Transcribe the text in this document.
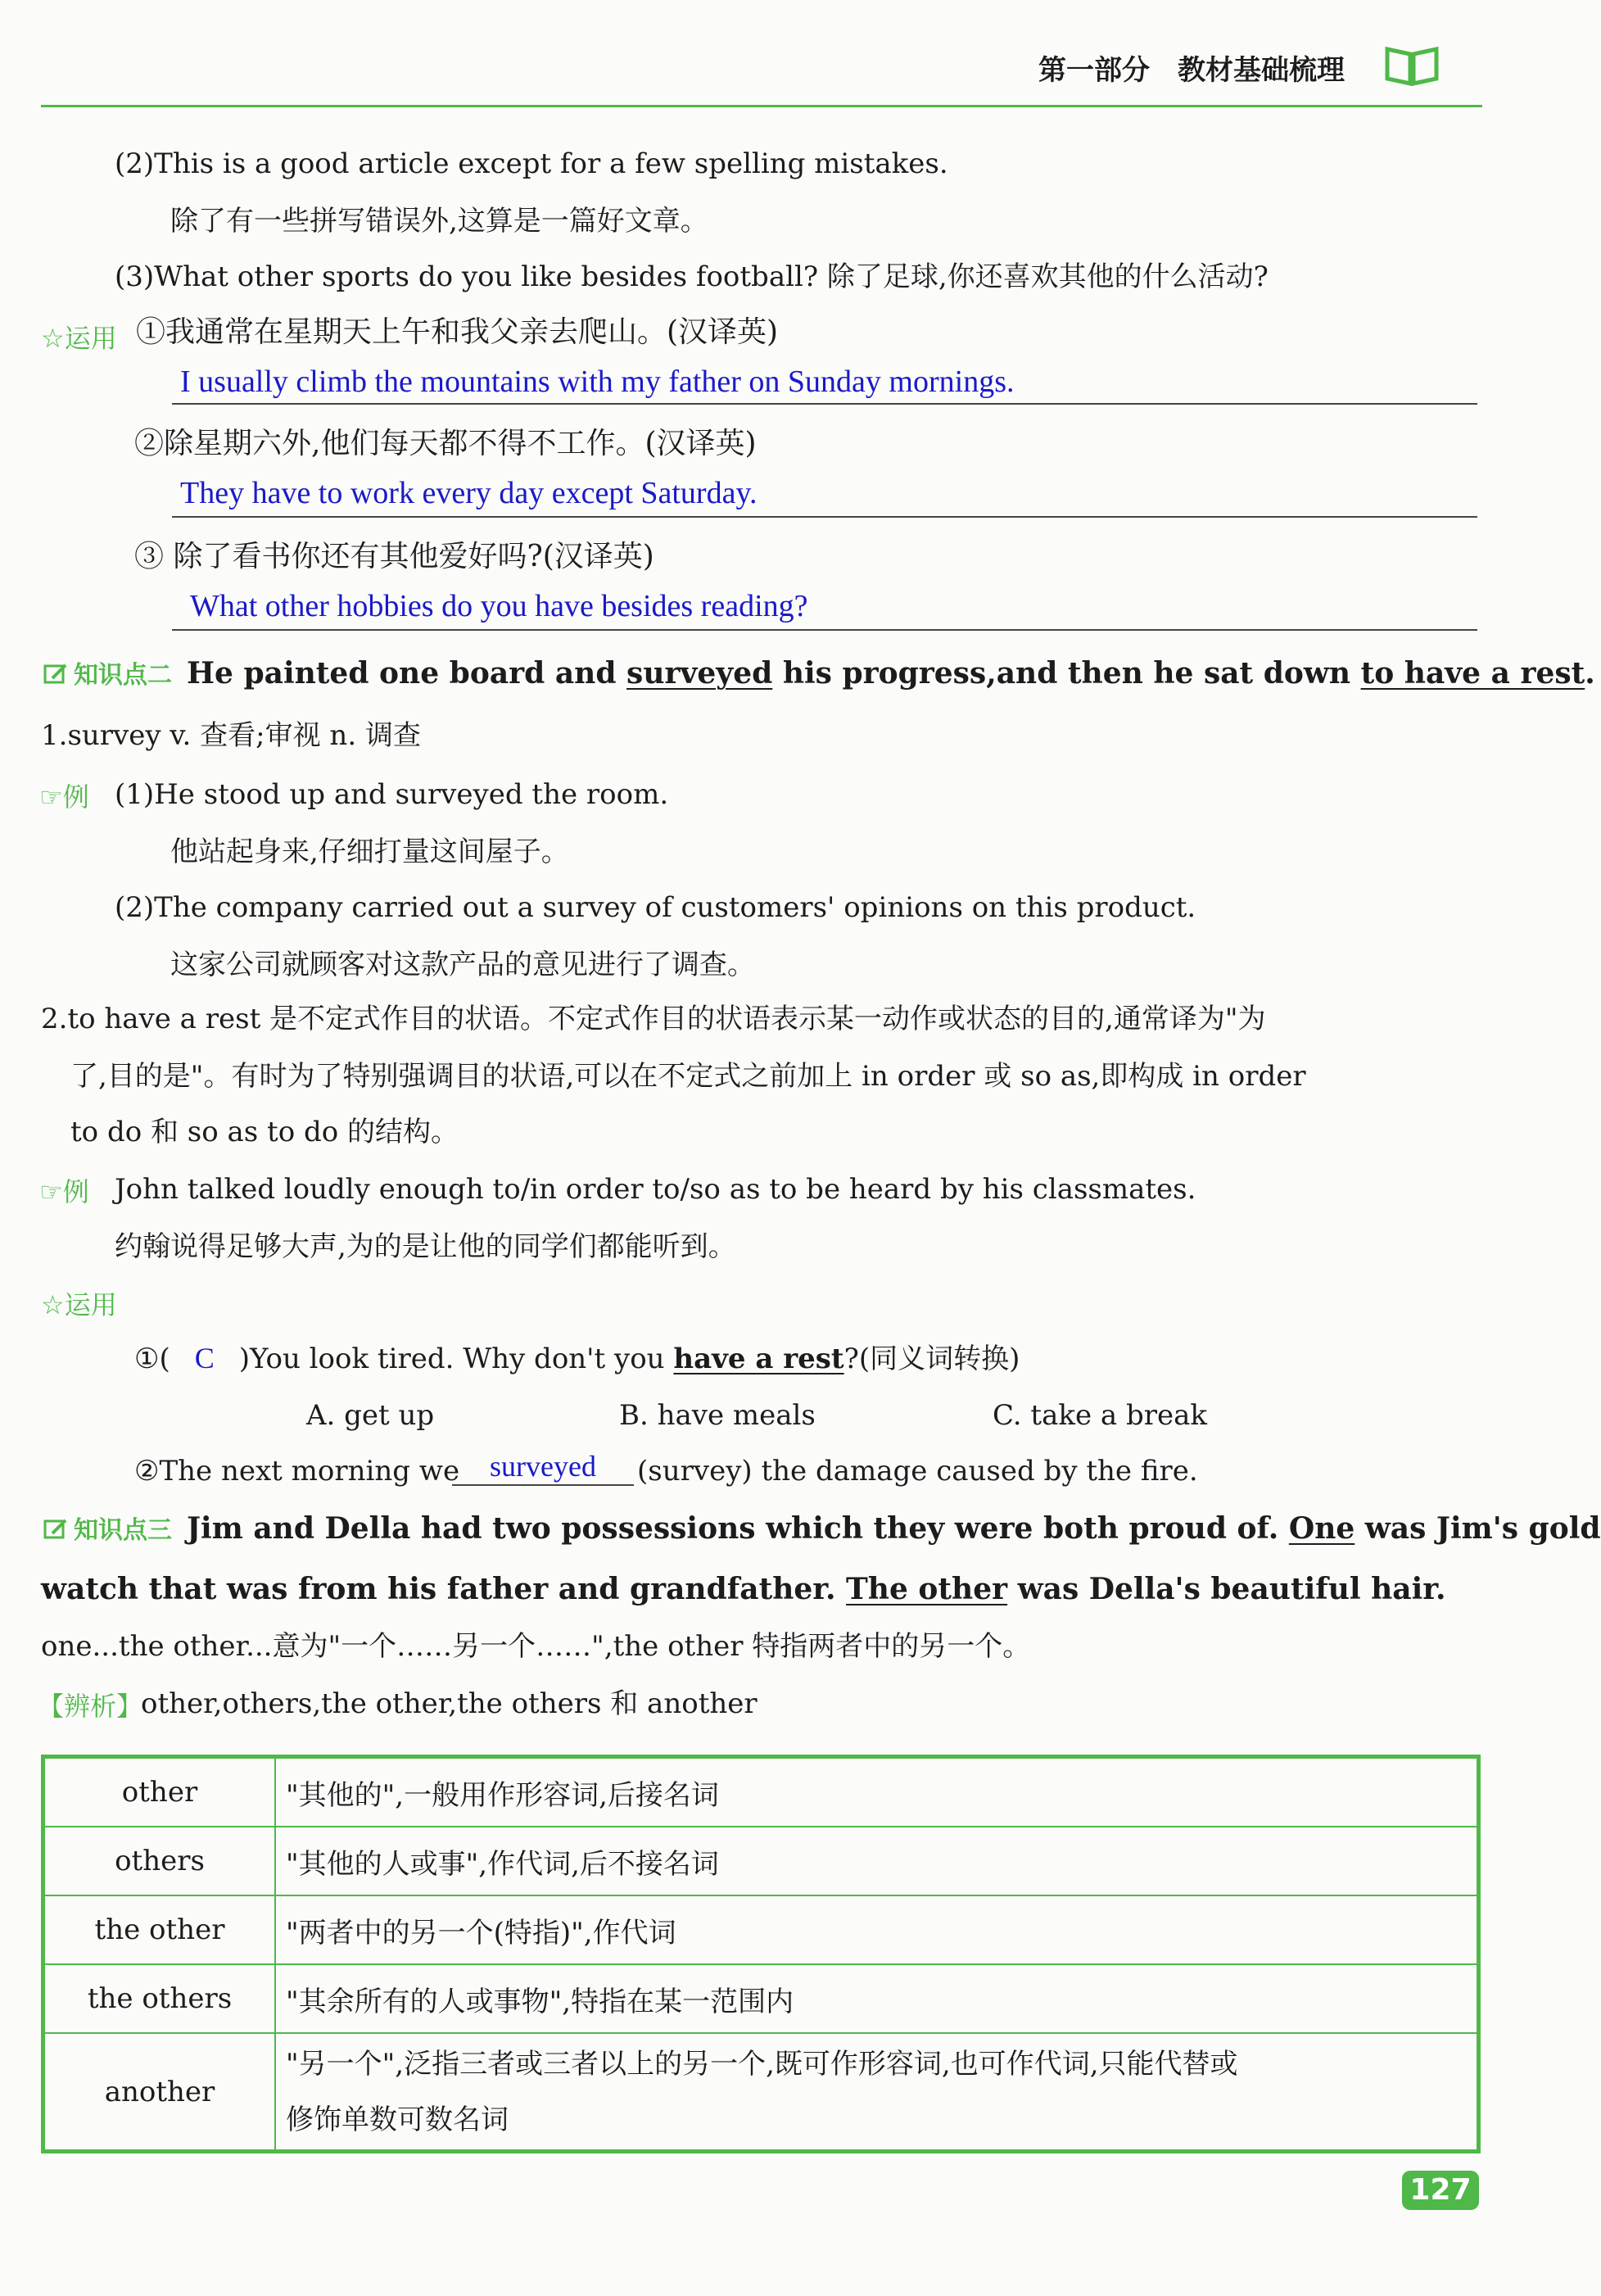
第一部分 教材基础梳理
(2)This is a good article except for a few spelling mistakes.
除了有一些拼写错误外,这算是一篇好文章。
(3)What other sports do you like besides football? 除了足球,你还喜欢其他的什么活动?
☆运用 ①我通常在星期天上午和我父亲去爬山。(汉译英)
I usually climb the mountains with my father on Sunday mornings.
②除星期六外,他们每天都不得不工作。(汉译英)
They have to work every day except Saturday.
③ 除了看书你还有其他爱好吗?(汉译英)
What other hobbies do you have besides reading?
知识点二 He painted one board and surveyed his progress,and then he sat down to have a rest.
1.survey v. 查看;审视 n. 调查
☞例 (1)He stood up and surveyed the room.
他站起身来,仔细打量这间屋子。
(2)The company carried out a survey of customers' opinions on this product.
这家公司就顾客对这款产品的意见进行了调查。
2.to have a rest 是不定式作目的状语。不定式作目的状语表示某一动作或状态的目的,通常译为"为
了,目的是"。有时为了特别强调目的状语,可以在不定式之前加上 in order 或 so as,即构成 in order
to do 和 so as to do 的结构。
☞例 John talked loudly enough to/in order to/so as to be heard by his classmates.
约翰说得足够大声,为的是让他的同学们都能听到。
☆运用
①( C )You look tired. Why don't you have a rest?(同义词转换)
A. get up	B. have meals	C. take a break
②The next morning we	surveyed	(survey) the damage caused by the fire.
知识点三 Jim and Della had two possessions which they were both proud of. One was Jim's gold
watch that was from his father and grandfather. The other was Della's beautiful hair.
one...the other...意为"一个……另一个……",the other 特指两者中的另一个。
【辨析】
other,others,the other,the others 和 another
other	"其他的",一般用作形容词,后接名词
others	"其他的人或事",作代词,后不接名词
the other	"两者中的另一个(特指)",作代词
the others	"其余所有的人或事物",特指在某一范围内
another	"另一个",泛指三者或三者以上的另一个,既可作形容词,也可作代词,只能代替或
修饰单数可数名词
127
